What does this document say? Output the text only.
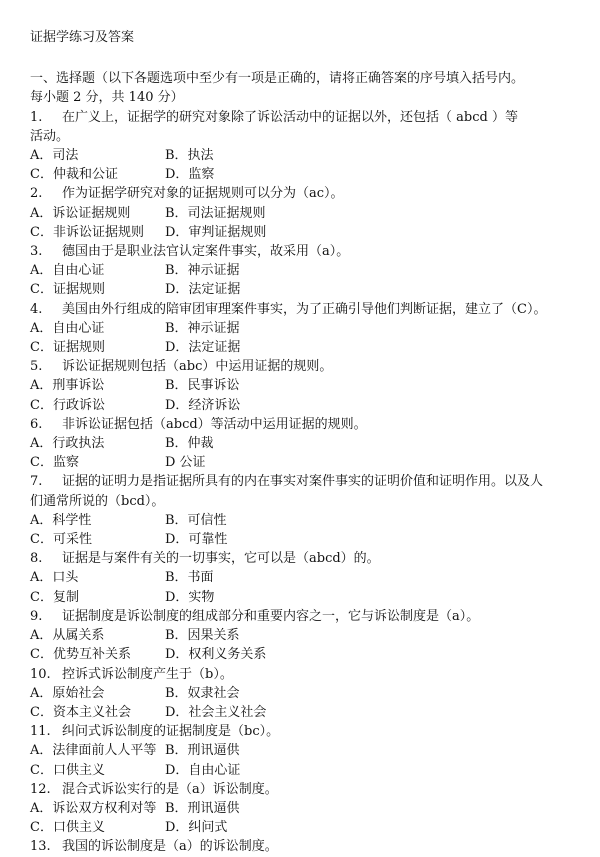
证据学练习及答案
一、选择题（以下各题选项中至少有一项是正确的，请将正确答案的序号填入括号内。
每小题 2 分，共 140 分）
1. 在广义上，证据学的研究对象除了诉讼活动中的证据以外，还包括（ abcd ）等
活动。
A．司法	B．执法
C．仲裁和公证	D．监察
2. 作为证据学研究对象的证据规则可以分为（ac）。
A．诉讼证据规则	B．司法证据规则
C．非诉讼证据规则	D．审判证据规则
3. 德国由于是职业法官认定案件事实，故采用（a）。
A．自由心证	B．神示证据
C．证据规则	D．法定证据
4. 美国由外行组成的陪审团审理案件事实，为了正确引导他们判断证据，建立了（C）。
A．自由心证	B．神示证据
C．证据规则	D．法定证据
5. 诉讼证据规则包括（abc）中运用证据的规则。
A．刑事诉讼	B．民事诉讼
C．行政诉讼	D．经济诉讼
6. 非诉讼证据包括（abcd）等活动中运用证据的规则。
A．行政执法	B．仲裁
C．监察	D 公证
7. 证据的证明力是指证据所具有的内在事实对案件事实的证明价值和证明作用。以及人
们通常所说的（bcd）。
A．科学性	B．可信性
C．可采性	D．可靠性
8. 证据是与案件有关的一切事实，它可以是（abcd）的。
A．口头	B．书面
C．复制	D．实物
9. 证据制度是诉讼制度的组成部分和重要内容之一，它与诉讼制度是（a）。
A．从属关系	B．因果关系
C．优势互补关系	D．权利义务关系
10. 控诉式诉讼制度产生于（b）。
A．原始社会	B．奴隶社会
C．资本主义社会	D．社会主义社会
11. 纠问式诉讼制度的证据制度是（bc）。
A．法律面前人人平等 B．刑讯逼供
C．口供主义	D．自由心证
12. 混合式诉讼实行的是（a）诉讼制度。
A．诉讼双方权利对等 B．刑讯逼供
C．口供主义	D．纠问式
13. 我国的诉讼制度是（a）的诉讼制度。
